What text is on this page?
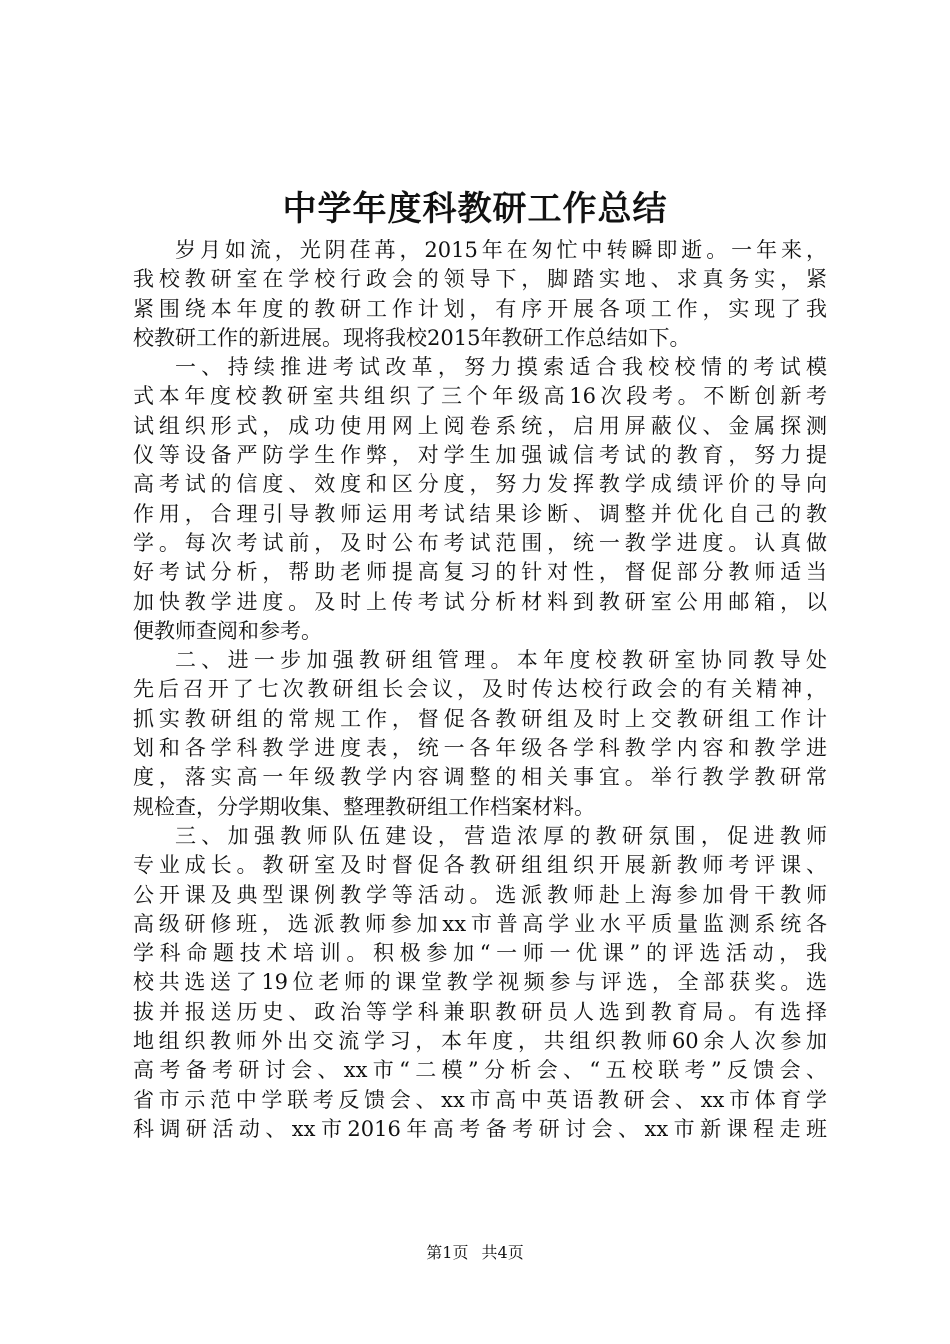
中学年度科教研工作总结
岁月如流，光阴荏苒，2015年在匆忙中转瞬即逝。一年来，
我校教研室在学校行政会的领导下，脚踏实地、求真务实，紧
紧围绕本年度的教研工作计划，有序开展各项工作，实现了我
校教研工作的新进展。现将我校2015年教研工作总结如下。
一、持续推进考试改革，努力摸索适合我校校情的考试模
式本年度校教研室共组织了三个年级高16次段考。不断创新考
试组织形式，成功使用网上阅卷系统，启用屏蔽仪、金属探测
仪等设备严防学生作弊，对学生加强诚信考试的教育，努力提
高考试的信度、效度和区分度，努力发挥教学成绩评价的导向
作用，合理引导教师运用考试结果诊断、调整并优化自己的教
学。每次考试前，及时公布考试范围，统一教学进度。认真做
好考试分析，帮助老师提高复习的针对性，督促部分教师适当
加快教学进度。及时上传考试分析材料到教研室公用邮箱，以
便教师查阅和参考。
二、进一步加强教研组管理。本年度校教研室协同教导处
先后召开了七次教研组长会议，及时传达校行政会的有关精神，
抓实教研组的常规工作，督促各教研组及时上交教研组工作计
划和各学科教学进度表，统一各年级各学科教学内容和教学进
度，落实高一年级教学内容调整的相关事宜。举行教学教研常
规检查，分学期收集、整理教研组工作档案材料。
三、加强教师队伍建设，营造浓厚的教研氛围，促进教师
专业成长。教研室及时督促各教研组组织开展新教师考评课、
公开课及典型课例教学等活动。选派教师赴上海参加骨干教师
高级研修班，选派教师参加xx市普高学业水平质量监测系统各
学科命题技术培训。积极参加“一师一优课”的评选活动，我
校共选送了19位老师的课堂教学视频参与评选，全部获奖。选
拔并报送历史、政治等学科兼职教研员人选到教育局。有选择
地组织教师外出交流学习，本年度，共组织教师60余人次参加
高考备考研讨会、xx市“二模”分析会、“五校联考”反馈会、
省市示范中学联考反馈会、xx市高中英语教研会、xx市体育学
科调研活动、xx市2016年高考备考研讨会、xx市新课程走班
第1页 共4页
